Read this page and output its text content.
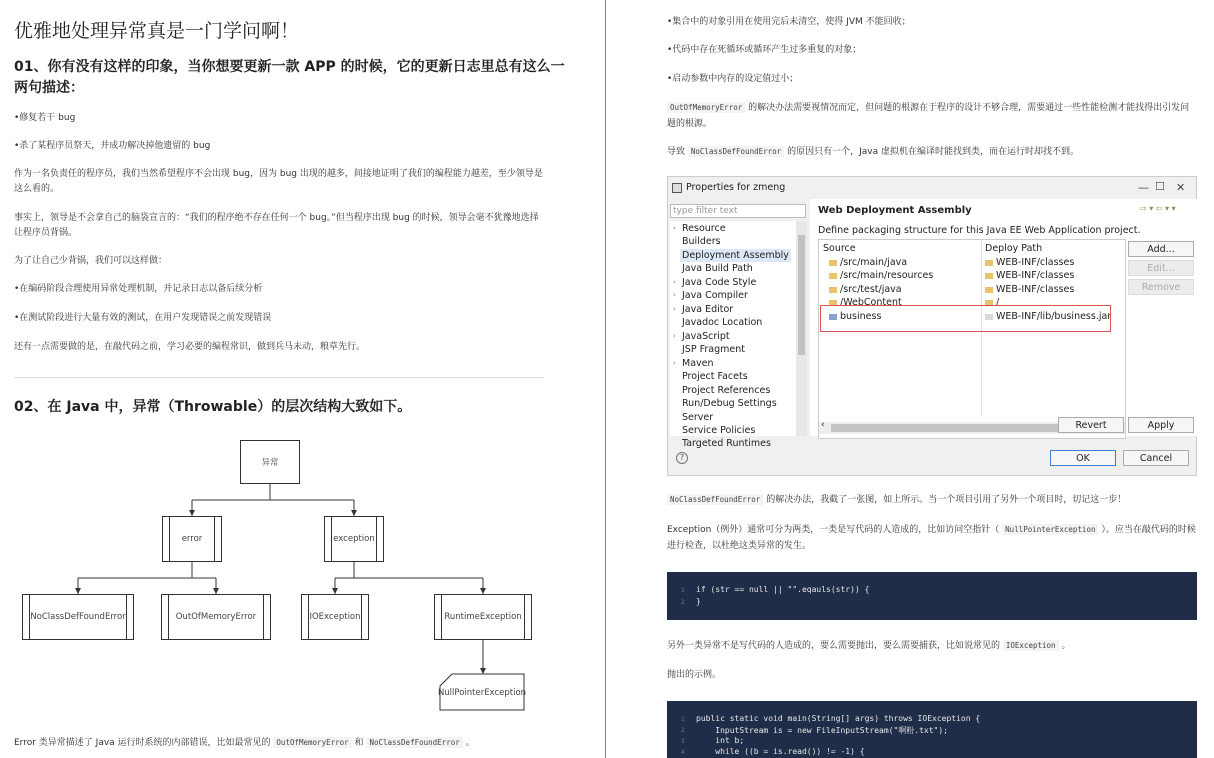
优雅地处理异常真是一门学问啊！
01、你有没有这样的印象，当你想要更新一款 APP 的时候，它的更新日志里总有这么一
两句描述：
•修复若干 bug
•杀了某程序员祭天，并成功解决掉他遗留的 bug
作为一名负责任的程序员，我们当然希望程序不会出现 bug，因为 bug 出现的越多，间接地证明了我们的编程能力越差，至少领导是
这么看的。
事实上，领导是不会拿自己的脑袋宣言的：“我们的程序绝不存在任何一个 bug。”但当程序出现 bug 的时候，领导会毫不犹豫地选择
让程序员背锅。
为了让自己少背锅，我们可以这样做：
•在编码阶段合理使用异常处理机制，并记录日志以备后续分析
•在测试阶段进行大量有效的测试，在用户发现错误之前发现错误
还有一点需要做的是，在敲代码之前，学习必要的编程常识，做到兵马未动，粮草先行。
02、在 Java 中，异常（Throwable）的层次结构大致如下。
异常
error	exception
NoClassDefFoundError	OutOfMemoryError	IOException	RuntimeException
NullPointerException
Error 类异常描述了 Java 运行时系统的内部错误，比如最常见的 OutOfMemoryError 和 NoClassDefFoundError 。
•集合中的对象引用在使用完后未清空，使得 JVM 不能回收；
•代码中存在死循环或循环产生过多重复的对象；
•启动参数中内存的设定值过小；
OutOfMemoryError 的解决办法需要视情况而定，但问题的根源在于程序的设计不够合理，需要通过一些性能检测才能找得出引发问
题的根源。
导致 NoClassDefFoundError 的原因只有一个，Java 虚拟机在编译时能找到类，而在运行时却找不到。
Properties for zmeng	— ☐ ✕
type filter text
› Resource
Builders
Deployment Assembly
Java Build Path
› Java Code Style
› Java Compiler
› Java Editor
Javadoc Location
› JavaScript
JSP Fragment
› Maven
Project Facets
Project References
Run/Debug Settings
Server
Service Policies
Targeted Runtimes
Web Deployment Assembly	⇨ ▾ ⇦ ▾ ▾
Define packaging structure for this Java EE Web Application project.
Source	Deploy Path
/src/main/java	WEB-INF/classes
/src/main/resources	WEB-INF/classes
/src/test/java	WEB-INF/classes
/WebContent	/
business	WEB-INF/lib/business.jar
‹
Add...
Edit...
Remove
Revert	Apply
?	OK	Cancel
NoClassDefFoundError 的解决办法，我截了一张图，如上所示。当一个项目引用了另外一个项目时，切记这一步！
Exception（例外）通常可分为两类，一类是写代码的人造成的，比如访问空指针（ NullPointerException ）。应当在敲代码的时候
进行检查，以杜绝这类异常的发生。
1 if (str == null || "".eqauls(str)) {
2 }
另外一类异常不是写代码的人造成的，要么需要抛出，要么需要捕获，比如说常见的 IOException 。
抛出的示例。
1 public static void main(String[] args) throws IOException {
2 InputStream is = new FileInputStream("啊粉.txt");
3 int b;
4 while ((b = is.read()) != -1) {
